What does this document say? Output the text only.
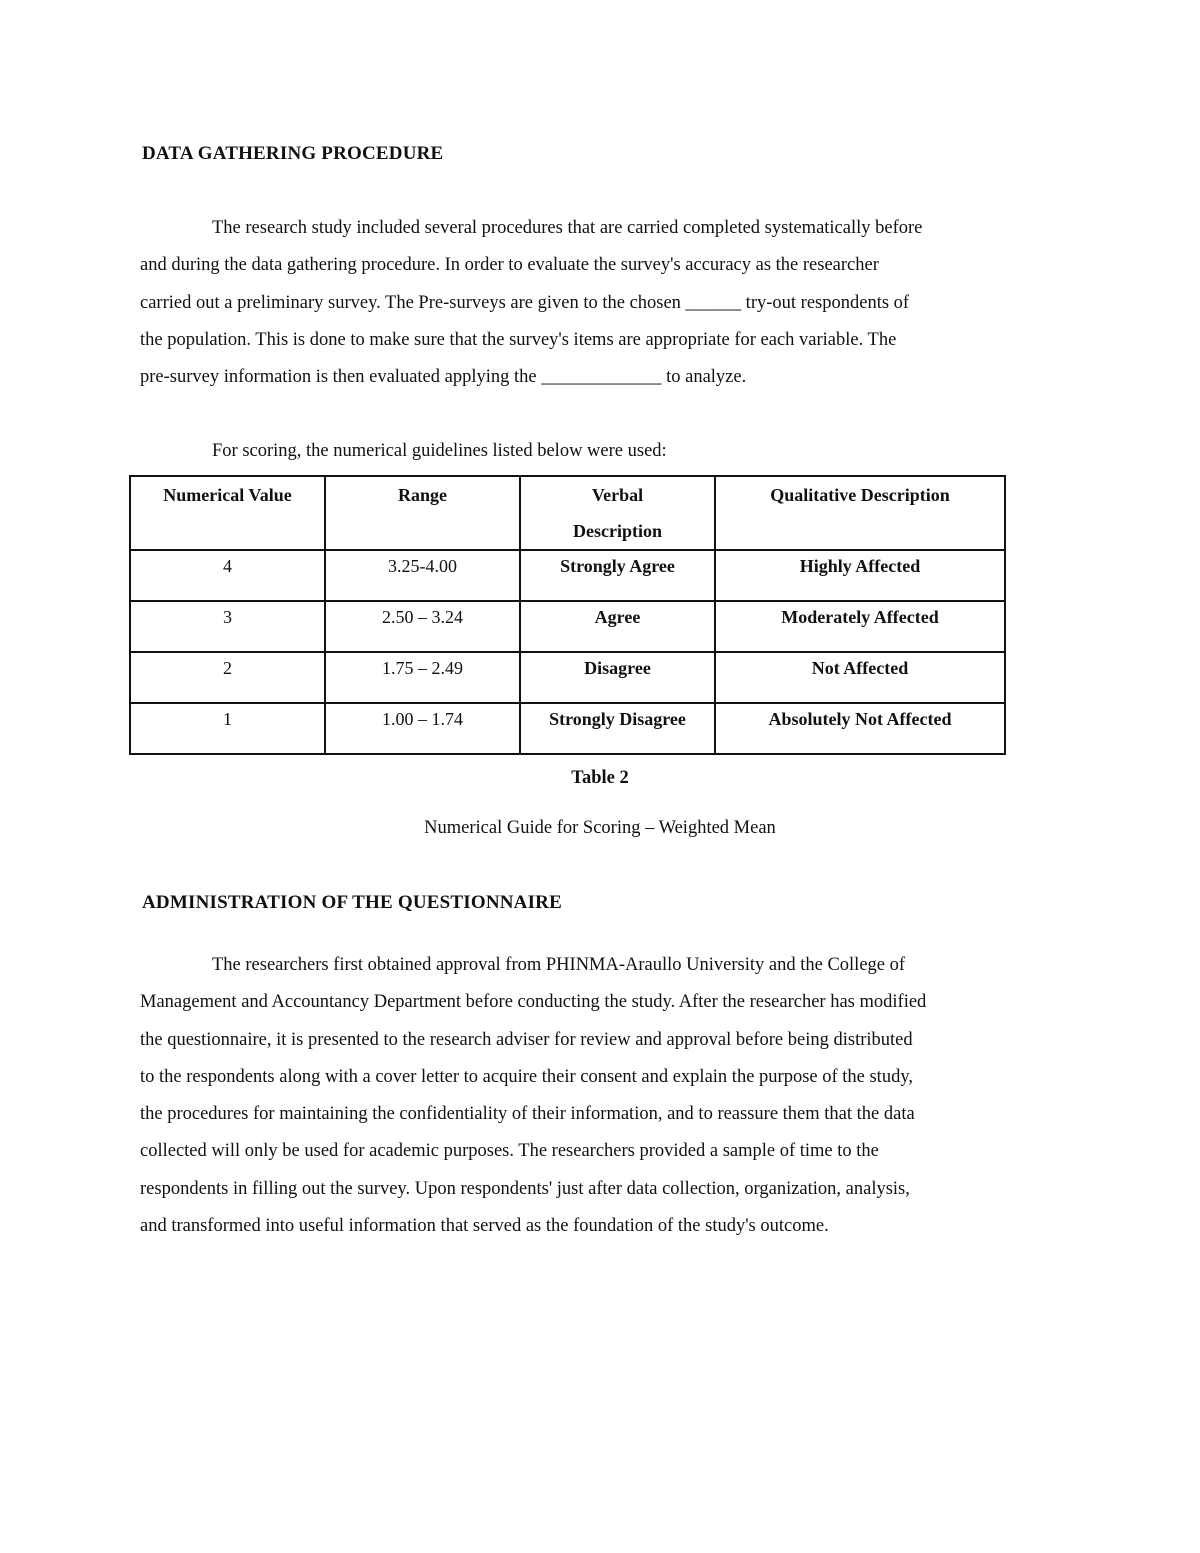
DATA GATHERING PROCEDURE
The research study included several procedures that are carried completed systematically before
and during the data gathering procedure. In order to evaluate the survey's accuracy as the researcher
carried out a preliminary survey. The Pre-surveys are given to the chosen ______ try-out respondents of
the population. This is done to make sure that the survey's items are appropriate for each variable. The
pre-survey information is then evaluated applying the _____________ to analyze.
For scoring, the numerical guidelines listed below were used:
Numerical Value	Range	Verbal Description	Qualitative Description
4	3.25-4.00	Strongly Agree	Highly Affected
3	2.50 – 3.24	Agree	Moderately Affected
2	1.75 – 2.49	Disagree	Not Affected
1	1.00 – 1.74	Strongly Disagree	Absolutely Not Affected
Table 2
Numerical Guide for Scoring – Weighted Mean
ADMINISTRATION OF THE QUESTIONNAIRE
The researchers first obtained approval from PHINMA-Araullo University and the College of
Management and Accountancy Department before conducting the study. After the researcher has modified
the questionnaire, it is presented to the research adviser for review and approval before being distributed
to the respondents along with a cover letter to acquire their consent and explain the purpose of the study,
the procedures for maintaining the confidentiality of their information, and to reassure them that the data
collected will only be used for academic purposes. The researchers provided a sample of time to the
respondents in filling out the survey. Upon respondents' just after data collection, organization, analysis,
and transformed into useful information that served as the foundation of the study's outcome.
